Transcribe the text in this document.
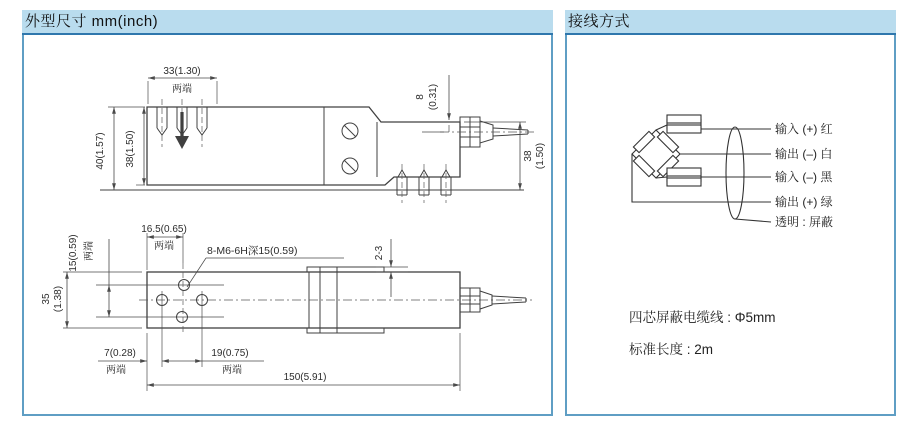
外型尺寸 mm(inch)
33(1.30)
两端
40(1.57) 38(1.50)
8 (0.31)
38 (1.50)
8-M6-6H深15(0.59)
16.5(0.65)
两端
15(0.59) 两端
35 (1.38)
2-3
19(0.75)
两端
7(0.28)
两端
150(5.91)
接线方式
输入 (+) 红
输出 (–) 白
输入 (–) 黑
输出 (+) 绿
透明 : 屏蔽
四芯屏蔽电缆线 : Φ5mm
标准长度 : 2m
